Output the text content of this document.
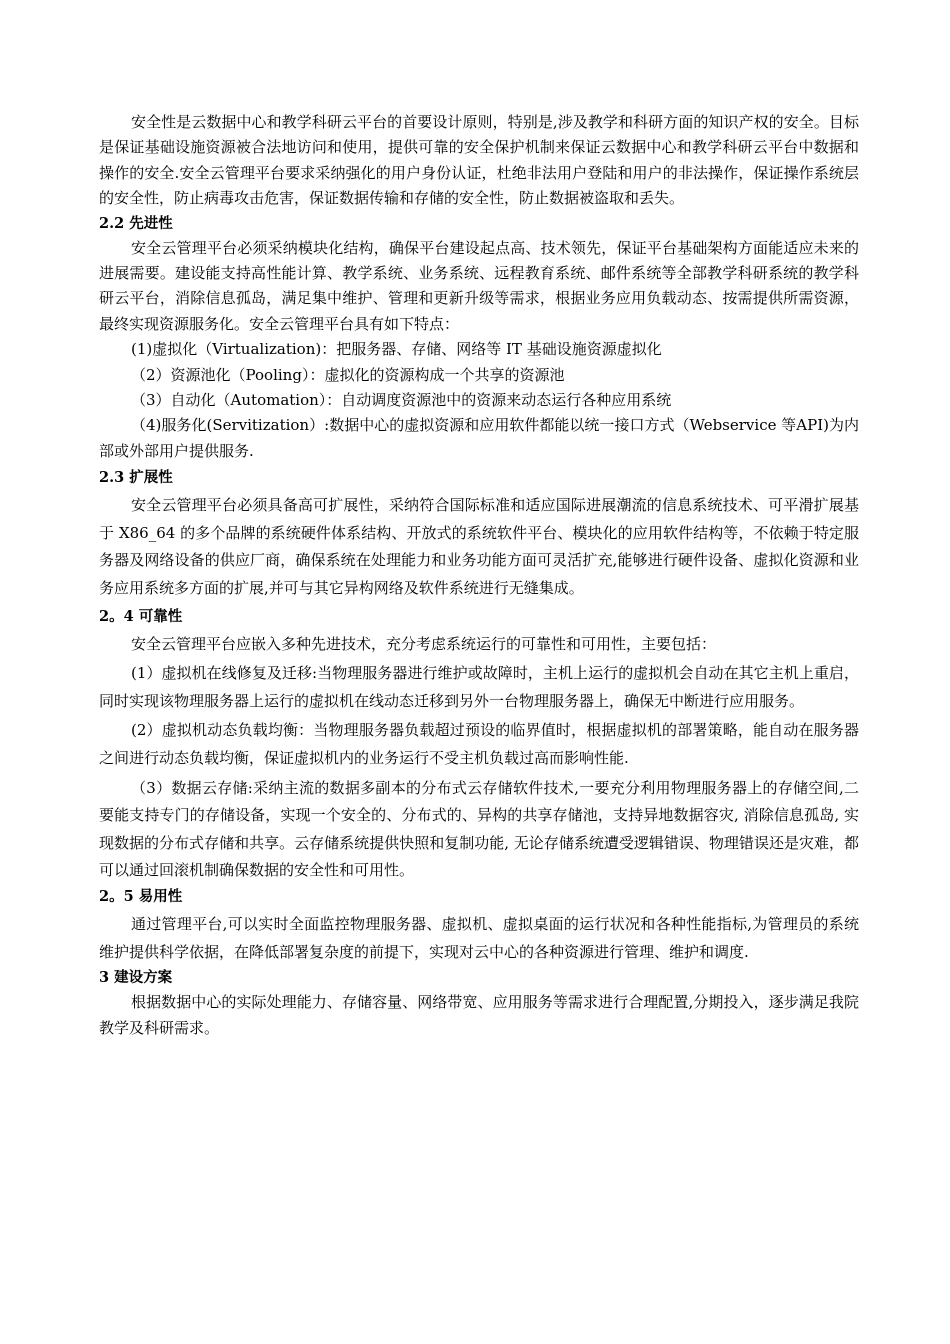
安全性是云数据中心和教学科研云平台的首要设计原则，特别是,涉及教学和科研方面的知识产权的安全。目标是保证基础设施资源被合法地访问和使用，提供可靠的安全保护机制来保证云数据中心和教学科研云平台中数据和操作的安全.安全云管理平台要求采纳强化的用户身份认证，杜绝非法用户登陆和用户的非法操作，保证操作系统层的安全性，防止病毒攻击危害，保证数据传输和存储的安全性，防止数据被盗取和丢失。

2.2 先进性

安全云管理平台必须采纳模块化结构，确保平台建设起点高、技术领先，保证平台基础架构方面能适应未来的进展需要。建设能支持高性能计算、教学系统、业务系统、远程教育系统、邮件系统等全部教学科研系统的教学科研云平台，消除信息孤岛，满足集中维护、管理和更新升级等需求，根据业务应用负载动态、按需提供所需资源，最终实现资源服务化。安全云管理平台具有如下特点：

(1)虚拟化（Virtualization)：把服务器、存储、网络等 IT 基础设施资源虚拟化

（2）资源池化（Pooling）：虚拟化的资源构成一个共享的资源池

（3）自动化（Automation）：自动调度资源池中的资源来动态运行各种应用系统

（4)服务化(Servitization）:数据中心的虚拟资源和应用软件都能以统一接口方式（Webservice 等API)为内部或外部用户提供服务.

2.3 扩展性

安全云管理平台必须具备高可扩展性，采纳符合国际标准和适应国际进展潮流的信息系统技术、可平滑扩展基于 X86_64 的多个品牌的系统硬件体系结构、开放式的系统软件平台、模块化的应用软件结构等，不依赖于特定服务器及网络设备的供应厂商，确保系统在处理能力和业务功能方面可灵活扩充,能够进行硬件设备、虚拟化资源和业务应用系统多方面的扩展,并可与其它异构网络及软件系统进行无缝集成。

2。4 可靠性

安全云管理平台应嵌入多种先进技术，充分考虑系统运行的可靠性和可用性，主要包括：

(1）虚拟机在线修复及迁移:当物理服务器进行维护或故障时，主机上运行的虚拟机会自动在其它主机上重启，同时实现该物理服务器上运行的虚拟机在线动态迁移到另外一台物理服务器上，确保无中断进行应用服务。

(2）虚拟机动态负载均衡：当物理服务器负载超过预设的临界值时，根据虚拟机的部署策略，能自动在服务器之间进行动态负载均衡，保证虚拟机内的业务运行不受主机负载过高而影响性能.

（3）数据云存储:采纳主流的数据多副本的分布式云存储软件技术,一要充分利用物理服务器上的存储空间,二要能支持专门的存储设备，实现一个安全的、分布式的、异构的共享存储池，支持异地数据容灾, 消除信息孤岛, 实现数据的分布式存储和共享。云存储系统提供快照和复制功能, 无论存储系统遭受逻辑错误、物理错误还是灾难，都可以通过回滚机制确保数据的安全性和可用性。

2。5 易用性

通过管理平台,可以实时全面监控物理服务器、虚拟机、虚拟桌面的运行状况和各种性能指标,为管理员的系统维护提供科学依据，在降低部署复杂度的前提下，实现对云中心的各种资源进行管理、维护和调度.

3 建设方案

根据数据中心的实际处理能力、存储容量、网络带宽、应用服务等需求进行合理配置,分期投入，逐步满足我院教学及科研需求。
